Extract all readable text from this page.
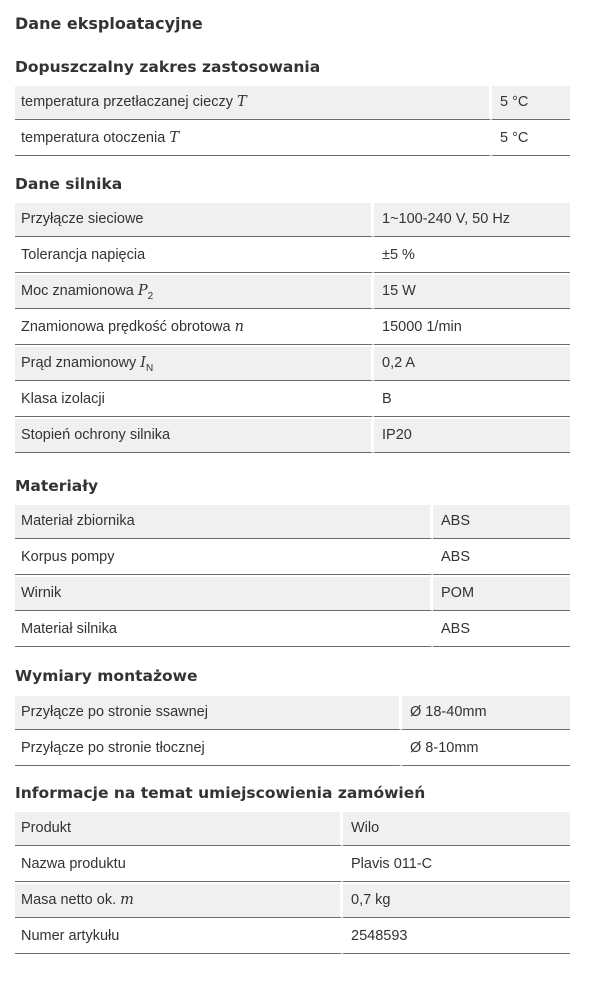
Dane eksploatacyjne
Dopuszczalny zakres zastosowania
temperatura przetłaczanej cieczy T	5 °C

temperatura otoczenia T	5 °C
Dane silnika
Przyłącze sieciowe	1~100-240 V, 50 Hz

Tolerancja napięcia	±5 %

Moc znamionowa $P_2$	15 W

Znamionowa prędkość obrotowa n	15000 1/min

Prąd znamionowy $I_N$	0,2 A

Klasa izolacji	B

Stopień ochrony silnika	IP20
Materiały
Materiał zbiornika	ABS

Korpus pompy	ABS

Wirnik	POM

Materiał silnika	ABS
Wymiary montażowe
Przyłącze po stronie ssawnej	Ø 18-40mm

Przyłącze po stronie tłocznej	Ø 8-10mm
Informacje na temat umiejscowienia zamówień
Produkt	Wilo

Nazwa produktu	Plavis 011-C

Masa netto ok. m	0,7 kg

Numer artykułu	2548593
